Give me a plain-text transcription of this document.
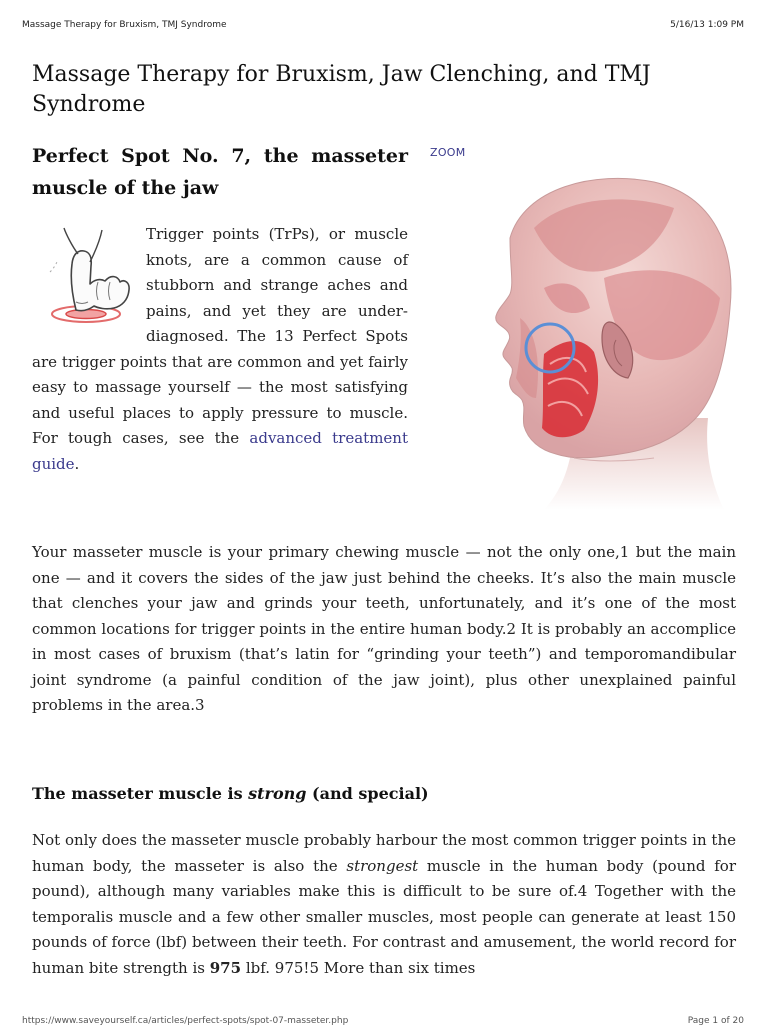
Massage Therapy for Bruxism, TMJ Syndrome	5/16/13 1:09 PM
Massage Therapy for Bruxism, Jaw Clenching, and TMJ Syndrome
Perfect Spot No. 7, the masseter muscle of the jaw
ZOOM

Trigger points (TrPs), or muscle knots, are a common cause of stubborn and strange aches and pains, and yet they are under-diagnosed. The 13 Perfect Spots are trigger points that are common and yet fairly easy to massage yourself — the most satisfying and useful places to apply pressure to muscle. For tough cases, see the advanced treatment guide.

Your masseter muscle is your primary chewing muscle — not the only one,1 but the main one — and it covers the sides of the jaw just behind the cheeks. It’s also the main muscle that clenches your jaw and grinds your teeth, unfortunately, and it’s one of the most common locations for trigger points in the entire human body.2 It is probably an accomplice in most cases of bruxism (that’s latin for “grinding your teeth”) and temporomandibular joint syndrome (a painful condition of the jaw joint), plus other unexplained painful problems in the area.3

The masseter muscle is strong (and special)

Not only does the masseter muscle probably harbour the most common trigger points in the human body, the masseter is also the strongest muscle in the human body (pound for pound), although many variables make this is difficult to be sure of.4 Together with the temporalis muscle and a few other smaller muscles, most people can generate at least 150 pounds of force (lbf) between their teeth. For contrast and amusement, the world record for human bite strength is 975 lbf. 975!5 More than six times

https://www.saveyourself.ca/articles/perfect-spots/spot-07-masseter.php	Page 1 of 20
